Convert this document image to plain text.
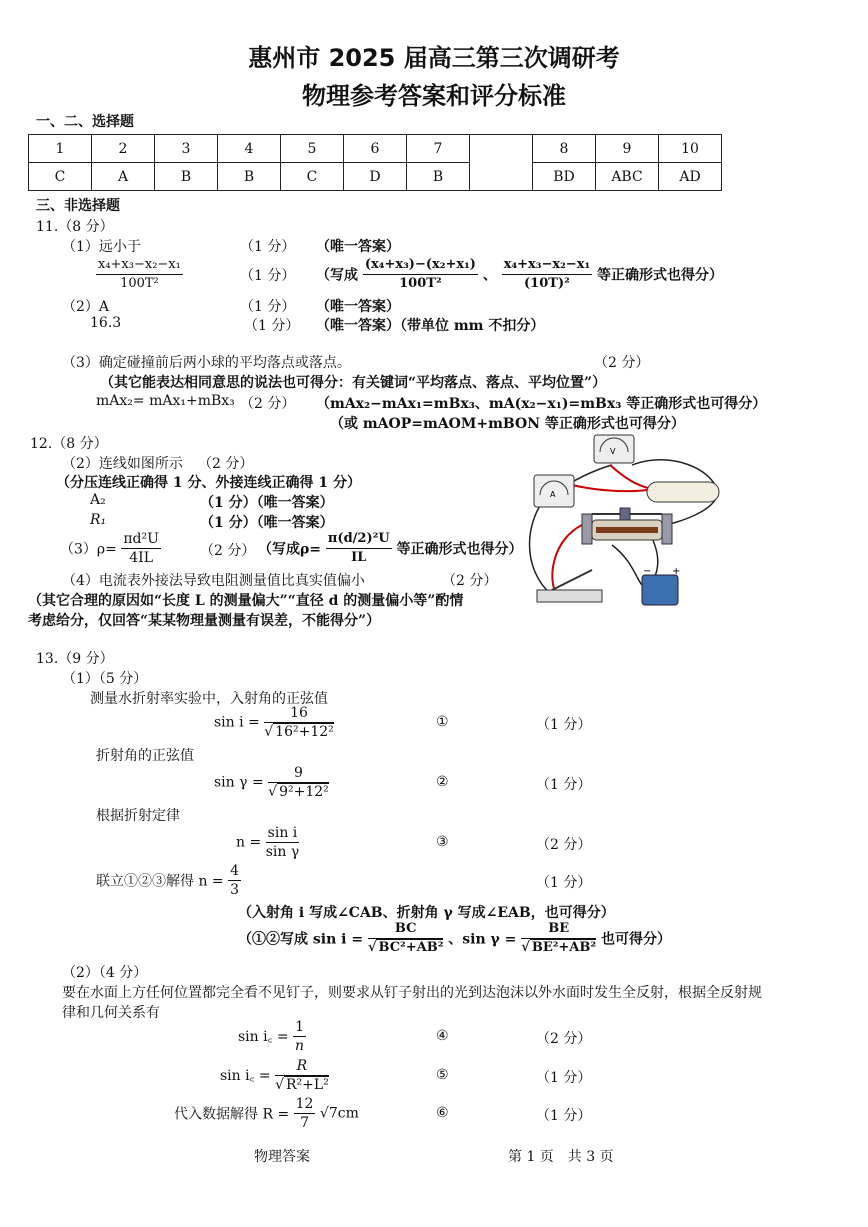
惠州市 2025 届高三第三次调研考
物理参考答案和评分标准
一、二、选择题
1	2	3	4	5	6	7		8	9	10
C	A	B	B	C	D	B		BD	ABC	AD
三、非选择题
11.（8 分）
（1）远小于	（1 分） （唯一答案）
$\frac{\text{x₄+x₃−x₂−x₁}}{\text{100T²}}$	（1 分） （写成 $\frac{\text{(x₄+x₃)−(x₂+x₁)}}{\text{100T²}}$ 、 $\frac{\text{x₄+x₃−x₂−x₁}}{\text{(10T)²}}$ 等正确形式也得分）
（2）A	（1 分） （唯一答案）
16.3	（1 分） （唯一答案）（带单位 mm 不扣分）
（3）确定碰撞前后两小球的平均落点或落点。	（2 分）
（其它能表达相同意思的说法也可得分：有关键词“平均落点、落点、平均位置”）
mAx₂= mAx₁+mBx₃ （2 分） （mAx₂−mAx₁=mBx₃、mA(x₂−x₁)=mBx₃ 等正确形式也可得分）
（或 mAOP=mAOM+mBON 等正确形式也可得分）
12.（8 分）
（2）连线如图所示 （2 分）
（分压连线正确得 1 分、外接连线正确得 1 分）
A₂	（1 分）（唯一答案）
R₁	（1 分）（唯一答案）
$(3)\rho= \frac{\text{πd²U}}{4IL}$	（2 分） （写成$\rho= \frac{\text{π(d/2)²U}}{IL}$ 等正确形式也得分）
（4）电流表外接法导致电阻测量值比真实值偏小	（2 分）
（其它合理的原因如“长度 L 的测量偏大”“直径 d 的测量偏小等”酌情
考虑给分，仅回答“某某物理量测量有误差，不能得分”）
V
A
− +
13.（9 分）
（1）（5 分）
测量水折射率实验中，入射角的正弦值
$\sin i = \frac{16}{\text{√ 16²+12²}}$	①	（1 分）
折射角的正弦值
$\sin \gamma = \frac{9}{\text{√ 9²+12²}}$	②	（1 分）
根据折射定律
$n = \frac{\text{sin i}}{\text{sin γ}}$	③	（2 分）
联立①②③解得 $n = \frac{4}{3}$	（1 分）
（入射角 i 写成∠CAB、折射角 γ 写成∠EAB，也可得分）
（①②写成 $\sin i = \frac{BC}{\text{√ BC²+AB²}}$ 、$\sin \gamma = \frac{BE}{\text{√ BE²+AB²}}$ 也可得分）
（2）（4 分）
要在水面上方任何位置都完全看不见钉子，则要求从钉子射出的光到达泡沫以外水面时发生全反射，根据全反射规
律和几何关系有
sin i꜀ = $\frac{1}{n}$	④	（2 分）
sin i꜀ = $\frac{R}{\text{√ R²+L²}}$	⑤	（1 分）
代入数据解得 $R = \frac{12}{7} √7cm$	⑥	（1 分）
物理答案	第 1 页　共 3 页
